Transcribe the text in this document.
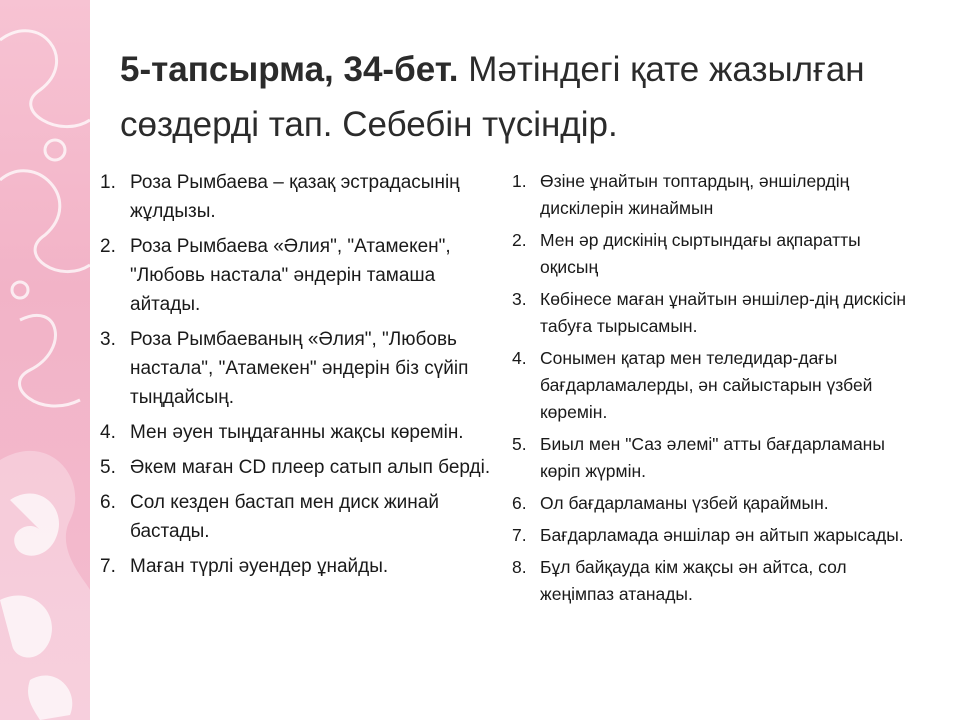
5-тапсырма, 34-бет. Мәтіндегі қате жазылған сөздерді тап. Себебін түсіндір.
1. Роза Рымбаева – қазақ эстрадасынің жұлдызы.
2. Роза Рымбаева «Әлия", "Атамекен", "Любовь настала" әндерін тамаша айтады.
3. Роза Рымбаеваның «Әлия", "Любовь настала", "Атамекен" әндерін біз сүйіп тыңдайсың.
4. Мен әуен тыңдағанны жақсы көремін.
5. Әкем маған CD плеер сатып алып берді.
6. Сол кезден бастап мен диск жинай бастады.
7. Маған түрлі әуендер ұнайды.
1. Өзіне ұнайтын топтардың, әншілердің дискілерін жинаймын
2. Мен әр дискінің сыртындағы ақпаратты оқисың
3. Көбінесе маған ұнайтын әншілер-дің дискісін табуға тырысамын.
4. Сонымен қатар мен теледидар-дағы бағдарламалерды, ән сайыстарын үзбей көремін.
5. Биыл мен "Саз әлемі" атты бағдарламаны көріп жүрмін.
6. Ол бағдарламаны үзбей қараймын.
7. Бағдарламада әншілар ән айтып жарысады.
8. Бұл байқауда кім жақсы ән айтса, сол жеңімпаз атанады.
